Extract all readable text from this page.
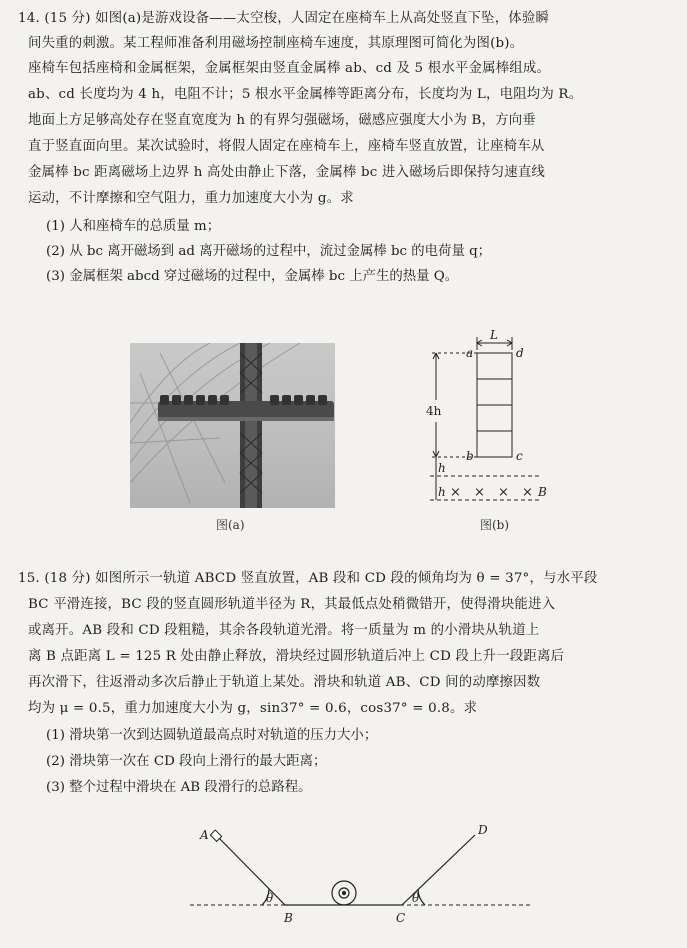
14. (15 分) 如图(a)是游戏设备——太空梭，人固定在座椅车上从高处竖直下坠，体验瞬
间失重的刺激。某工程师准备利用磁场控制座椅车速度，其原理图可简化为图(b)。
座椅车包括座椅和金属框架，金属框架由竖直金属棒 ab、cd 及 5 根水平金属棒组成。
ab、cd 长度均为 4 h，电阻不计；5 根水平金属棒等距离分布，长度均为 L，电阻均为 R。
地面上方足够高处存在竖直宽度为 h 的有界匀强磁场，磁感应强度大小为 B，方向垂
直于竖直面向里。某次试验时，将假人固定在座椅车上，座椅车竖直放置，让座椅车从
金属棒 bc 距离磁场上边界 h 高处由静止下落，金属棒 bc 进入磁场后即保持匀速直线
运动，不计摩擦和空气阻力，重力加速度大小为 g。求
(1) 人和座椅车的总质量 m；
(2) 从 bc 离开磁场到 ad 离开磁场的过程中，流过金属棒 bc 的电荷量 q；
(3) 金属框架 abcd 穿过磁场的过程中，金属棒 bc 上产生的热量 Q。
图(a)
L
a	d
b	c
4h
h
h	B
× × × ×
图(b)
15. (18 分) 如图所示一轨道 ABCD 竖直放置，AB 段和 CD 段的倾角均为 θ = 37°，与水平段
BC 平滑连接，BC 段的竖直圆形轨道半径为 R，其最低点处稍微错开，使得滑块能进入
或离开。AB 段和 CD 段粗糙，其余各段轨道光滑。将一质量为 m 的小滑块从轨道上
离 B 点距离 L = 125 R 处由静止释放，滑块经过圆形轨道后冲上 CD 段上升一段距离后
再次滑下，往返滑动多次后静止于轨道上某处。滑块和轨道 AB、CD 间的动摩擦因数
均为 μ = 0.5，重力加速度大小为 g，sin37° = 0.6，cos37° = 0.8。求
(1) 滑块第一次到达圆轨道最高点时对轨道的压力大小；
(2) 滑块第一次在 CD 段向上滑行的最大距离；
(3) 整个过程中滑块在 AB 段滑行的总路程。
A
B	C
D
θ	θ
